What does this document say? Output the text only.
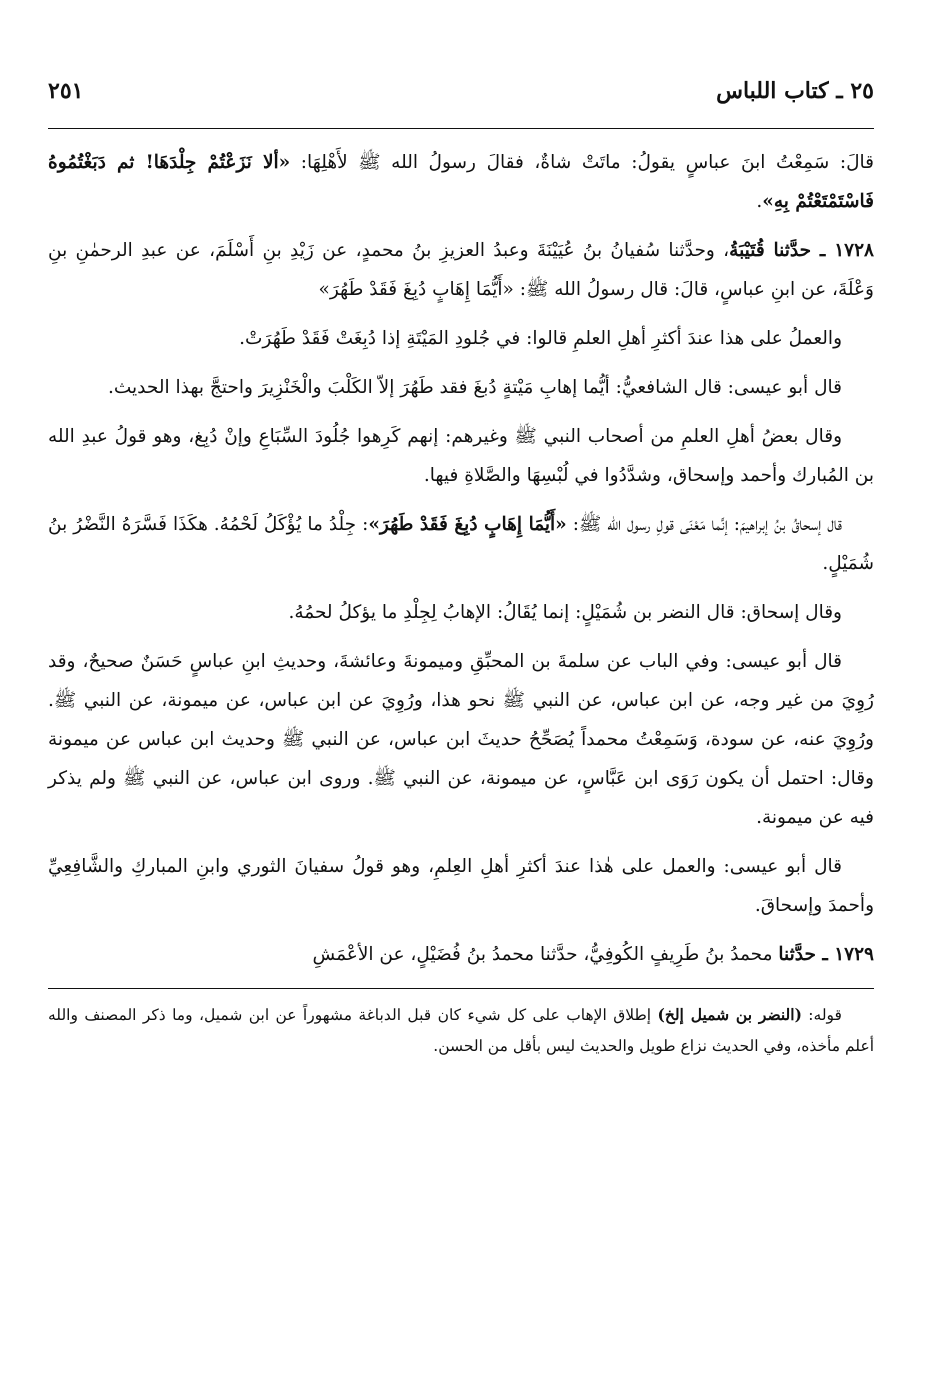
٢٥ ـ كتاب اللباس
٢٥١

قالَ: سَمِعْتُ ابنَ عباسٍ يقولُ: ماتَتْ شاةٌ، فقالَ رسولُ الله ﷺ لأَهْلِهَا: «ألا نَزَعْتُمْ جِلْدَهَا! ثم دَبَغْتُمُوهُ فَاسْتَمْتَعْتُمْ بِهِ».

١٧٢٨ ـ حدَّثنا قُتَيْبَةُ، وحدَّثنا سُفيانُ بنُ عُيَيْنَةَ وعبدُ العزيزِ بنُ محمدٍ، عن زَيْدِ بنِ أَسْلَمَ، عن عبدِ الرحمٰنِ بنِ وَعْلَةَ، عن ابنِ عباسٍ، قالَ: قال رسولُ الله ﷺ: «أَيُّمَا إِهَابٍ دُبِغَ فَقَدْ طَهُرَ»

والعملُ على هذا عندَ أكثرِ أهلِ العلمِ قالوا: في جُلودِ المَيْتَةِ إذا دُبِغَتْ فَقَدْ طَهُرَتْ.

قال أبو عيسى: قال الشافعيُّ: أيُّما إهابِ مَيْتةٍ دُبغَ فقد طَهُرَ إلاّ الكَلْبَ والْخَنْزِيرَ واحتجَّ بهذا الحديث.

وقال بعضُ أهلِ العلمِ من أصحاب النبي ﷺ وغيرهم: إنهم كَرِهوا جُلُودَ السِّبَاعِ وإنْ دُبِغ، وهو قولُ عبدِ الله بن المُبارك وأحمد وإسحاق، وشدَّدُوا في لُبْسِهَا والصَّلاةِ فيها.

قال إسحاقُ بنُ إبراهيمَ: إنَّما مَعْنَى قولِ رسول الله ﷺ: «أَيُّمَا إِهَابٍ دُبِغَ فَقَدْ طَهُرَ»: جِلْدُ ما يُؤْكَلُ لَحْمُهُ. هكَذَا فَسَّرَهُ النَّضْرُ بنُ شُمَيْلٍ.

وقال إسحاق: قال النضر بن شُمَيْلٍ: إنما يُقَالُ: الإهابُ لِجِلْدِ ما يؤكلُ لحمُهُ.

قال أبو عيسى: وفي الباب عن سلمةَ بن المحبِّقِ وميمونةَ وعائشةَ، وحديثِ ابنِ عباسٍ حَسَنٌ صحيحٌ، وقد رُوِيَ من غير وجه، عن ابن عباس، عن النبي ﷺ نحو هذا، ورُوِيَ عن ابن عباس، عن ميمونة، عن النبي ﷺ. ورُوِيَ عنه، عن سودة، وَسَمِعْتُ محمداً يُصَحِّحُ حديثَ ابن عباس، عن النبي ﷺ وحديث ابن عباس عن ميمونة وقال: احتمل أن يكون رَوَى ابن عَبَّاسٍ، عن ميمونة، عن النبي ﷺ. وروى ابن عباس، عن النبي ﷺ ولم يذكر فيه عن ميمونة.

قال أبو عيسى: والعمل على هٰذا عندَ أكثرِ أهلِ العِلمِ، وهو قولُ سفيانَ الثوري وابنِ المباركِ والشَّافِعِيِّ وأحمدَ وإسحاقَ.

١٧٢٩ ـ حدَّثنا محمدُ بنُ طَرِيفٍ الكُوفِيُّ، حدَّثنا محمدُ بنُ فُضَيْلٍ، عن الأعْمَشِ

قوله: (النضر بن شميل إلخ) إطلاق الإهاب على كل شيء كان قبل الدباغة مشهوراً عن ابن شميل، وما ذكر المصنف والله أعلم مأخذه، وفي الحديث نزاع طويل والحديث ليس بأقل من الحسن.
